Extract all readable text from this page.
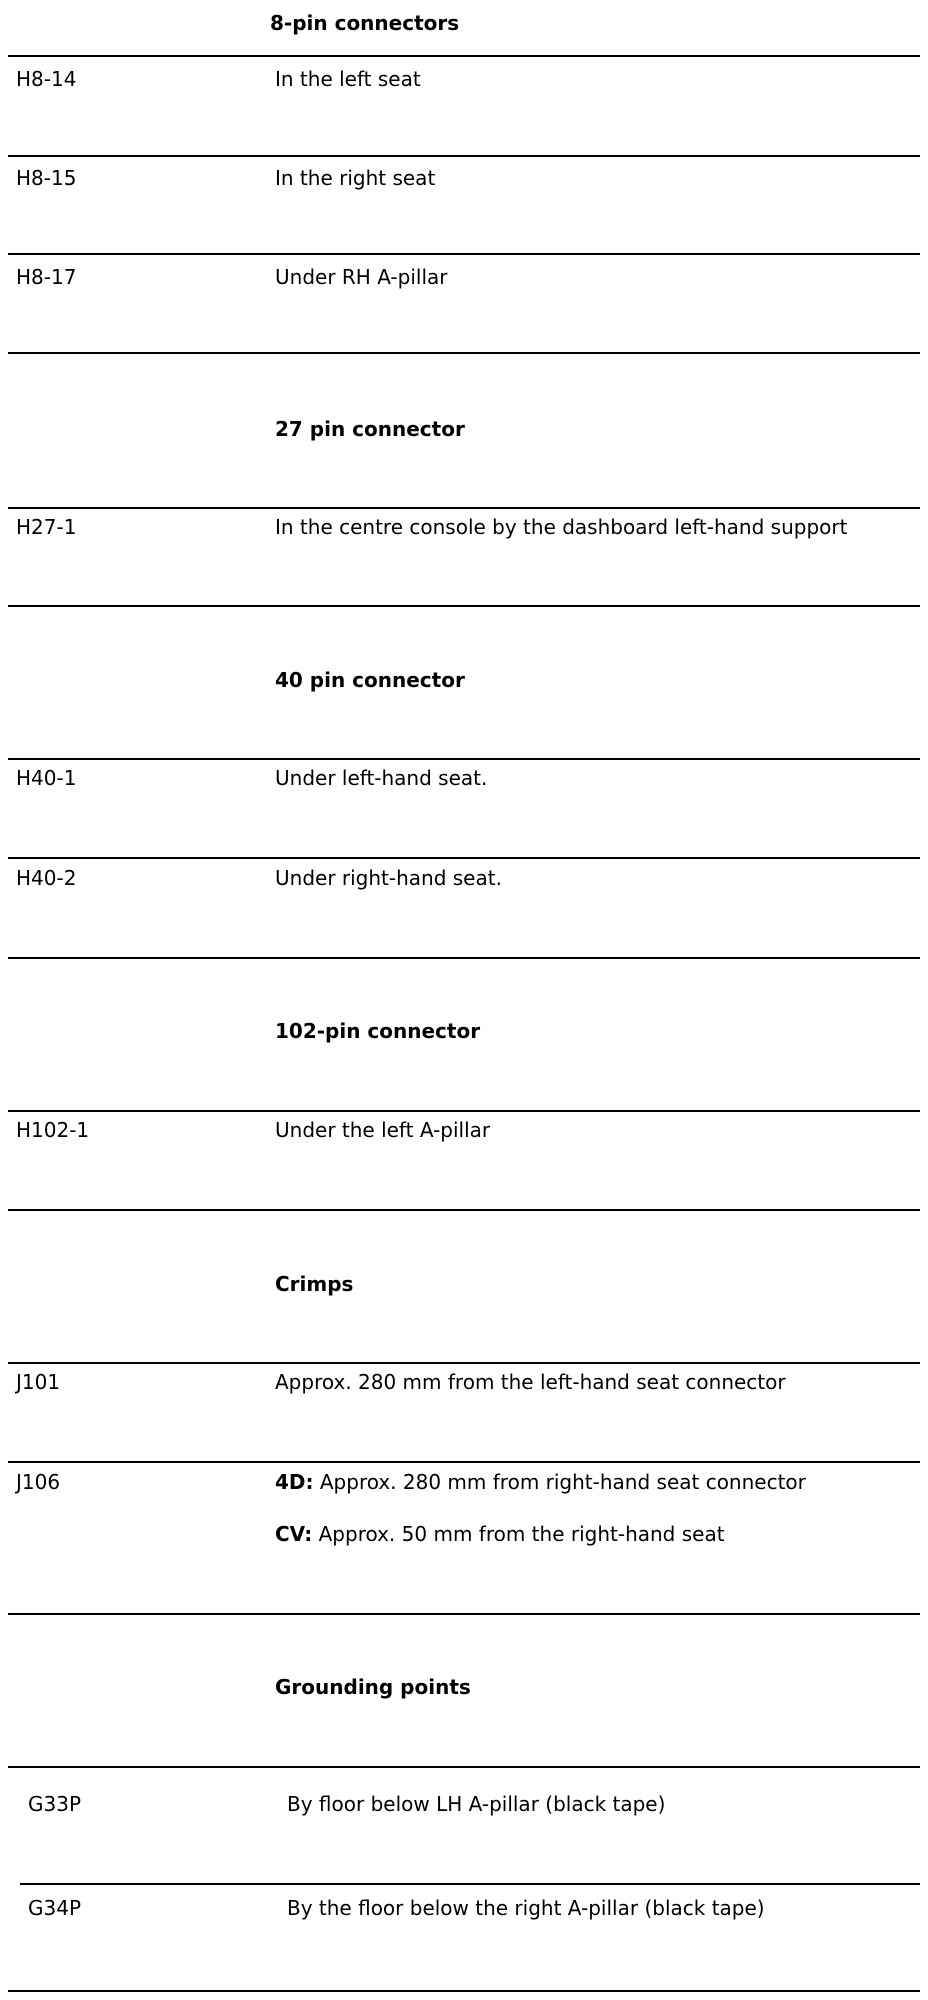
8-pin connectors
H8-14	In the left seat
H8-15	In the right seat
H8-17	Under RH A-pillar
27 pin connector
H27-1	In the centre console by the dashboard left-hand support
40 pin connector
H40-1	Under left-hand seat.
H40-2	Under right-hand seat.
102-pin connector
H102-1	Under the left A-pillar
Crimps
J101	Approx. 280 mm from the left-hand seat connector
J106	4D: Approx. 280 mm from right-hand seat connector
CV: Approx. 50 mm from the right-hand seat
Grounding points
G33P	By floor below LH A-pillar (black tape)
G34P	By the floor below the right A-pillar (black tape)
